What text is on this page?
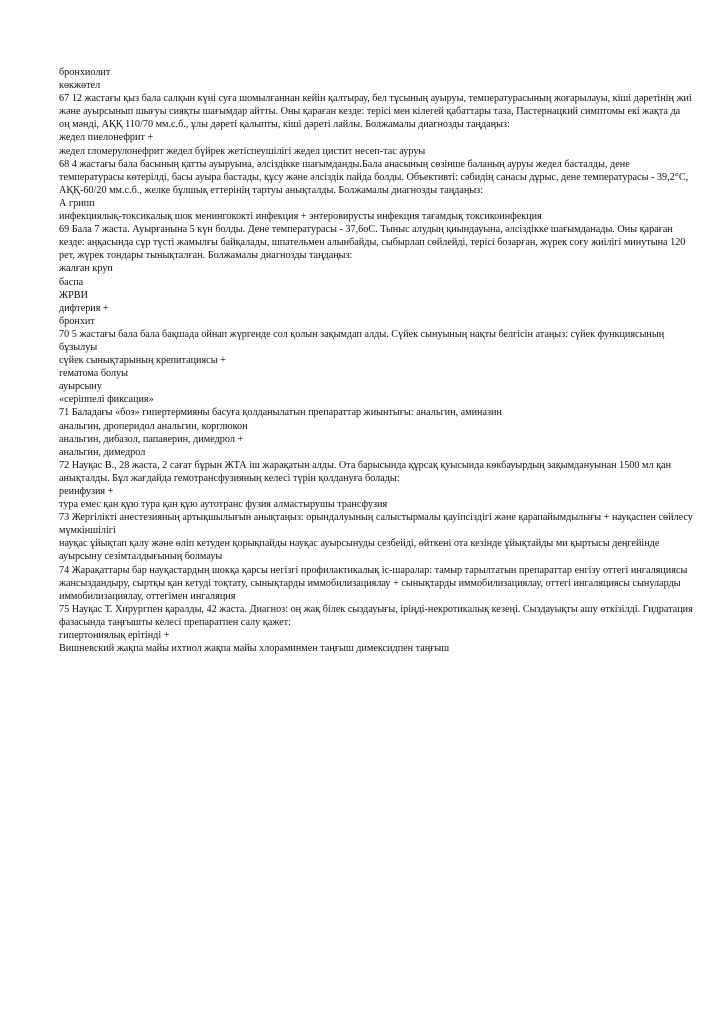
бронхиолит
көкжөтел
67 12 жастағы қыз бала салқын күні суға шомылғаннан кейін қалтырау, бел тұсының ауыруы, температурасының жоғарылауы, кіші дәретінің жиі және ауырсынып шығуы сияқты шағымдар айтты. Оны қараған кезде: терісі мен кілегей қабаттары таза, Пастернацкий симптомы екі жақта да оң мәнді, АҚҚ 110/70 мм.с.б., ұлы дәреті қалыпты, кіші дәреті лайлы. Болжамалы диагнозды таңдаңыз:
жедел пиелонефрит +
жедел гломерулонефрит жедел бүйрек жетіспеушілігі жедел цистит несеп-тас ауруы
68 4 жастағы бала басының қатты ауыруына, әлсіздікке шағымданды.Бала анасының сөзінше баланың ауруы жедел басталды, дене температурасы көтерілді, басы ауыра бастады, құсу және әлсіздік пайда болды. Объективті: сәбидің санасы дұрыс, дене температурасы - 39,2°С, АҚҚ-60/20 мм.с.б., желке бұлшық еттерінің тартуы анықталды. Болжамалы диагнозды таңдаңыз:
А грипп
инфекциялық-токсикалық шок менингококті инфекция + энтеровирусты инфекция тағамдық токсикоинфекция
69 Бала 7 жаста. Ауырғанына 5 күн болды. Дене температурасы - 37,6оС. Тыныс алудың қиындауына, әлсіздікке шағымданады. Оны қараған кезде: аңқасында сұр түсті жамылғы байқалады, шпательмен алынбайды, сыбырлап сөйлейді, терісі бозарған, жүрек соғу жиілігі минутына 120 рет, жүрек тондары тынықталған. Болжамалы диагнозды таңдаңыз:
жалған круп
баспа
ЖРВИ
дифтерия +
бронхит
70 5 жастағы бала бала бақшада ойнап жүргенде сол қолын зақымдап алды. Сүйек сынуының нақты белгісін атаңыз: сүйек функциясының бұзылуы
сүйек сынықтарының крепитациясы +
гематома болуы
ауырсыну
«серіппелі фиксация»
71 Баладағы «боз» гипертермияны басуға қолданылатын препараттар жиынтығы: анальгин, аминазин
анальгин, дроперидол анальгин, корглюкон
анальгин, дибазол, папаверин, димедрол +
анальгин, димедрол
72 Науқас В., 28 жаста, 2 сағат бұрын ЖТА іш жарақатын алды. Ота барысында құрсақ қуысында көкбауырдың зақымдануынан 1500 мл қан анықталды. Бұл жағдайда гемотрансфузияның келесі түрін қолдануға болады:
реинфузия +
тура емес қан құю тура қан құю аутотранс фузия алмастырушы трансфузия
73 Жергілікті анестезияның артықшылығын анықтаңыз: орындалуының салыстырмалы қауіпсіздігі және қарапайымдылығы + науқаспен сөйлесу мүмкіншілігі
науқас ұйықтап қалу және өліп кетуден қорықпайды науқас ауырсынуды сезбейді, өйткені ота кезінде ұйықтайды ми қыртысы деңгейінде ауырсыну сезімталдығының болмауы
74 Жарақаттары бар науқастардың шокқа қарсы негізгі профилактикалық іс-шаралар: тамыр тарылтатын препараттар енгізу оттегі ингаляциясы
жансыздандыру, сыртқы қан кетуді тоқтату, сынықтарды иммобилизациялау + сынықтарды иммобилизациялау, оттегі ингаляциясы сынуларды иммобилизациялау, оттегімен ингаляция
75 Науқас Т. Хирургпен қаралды, 42 жаста. Диагноз: оң жақ білек сыздауығы, іріңді-некротикалық кезеңі. Сыздауықты ашу өткізілді. Гидратация фазасында таңғышты келесі препаратпен салу қажет:
гипертониялық ерітінді +
Вишневский жақпа майы ихтиол жақпа майы хлораминмен таңғыш димексидпен таңғыш
